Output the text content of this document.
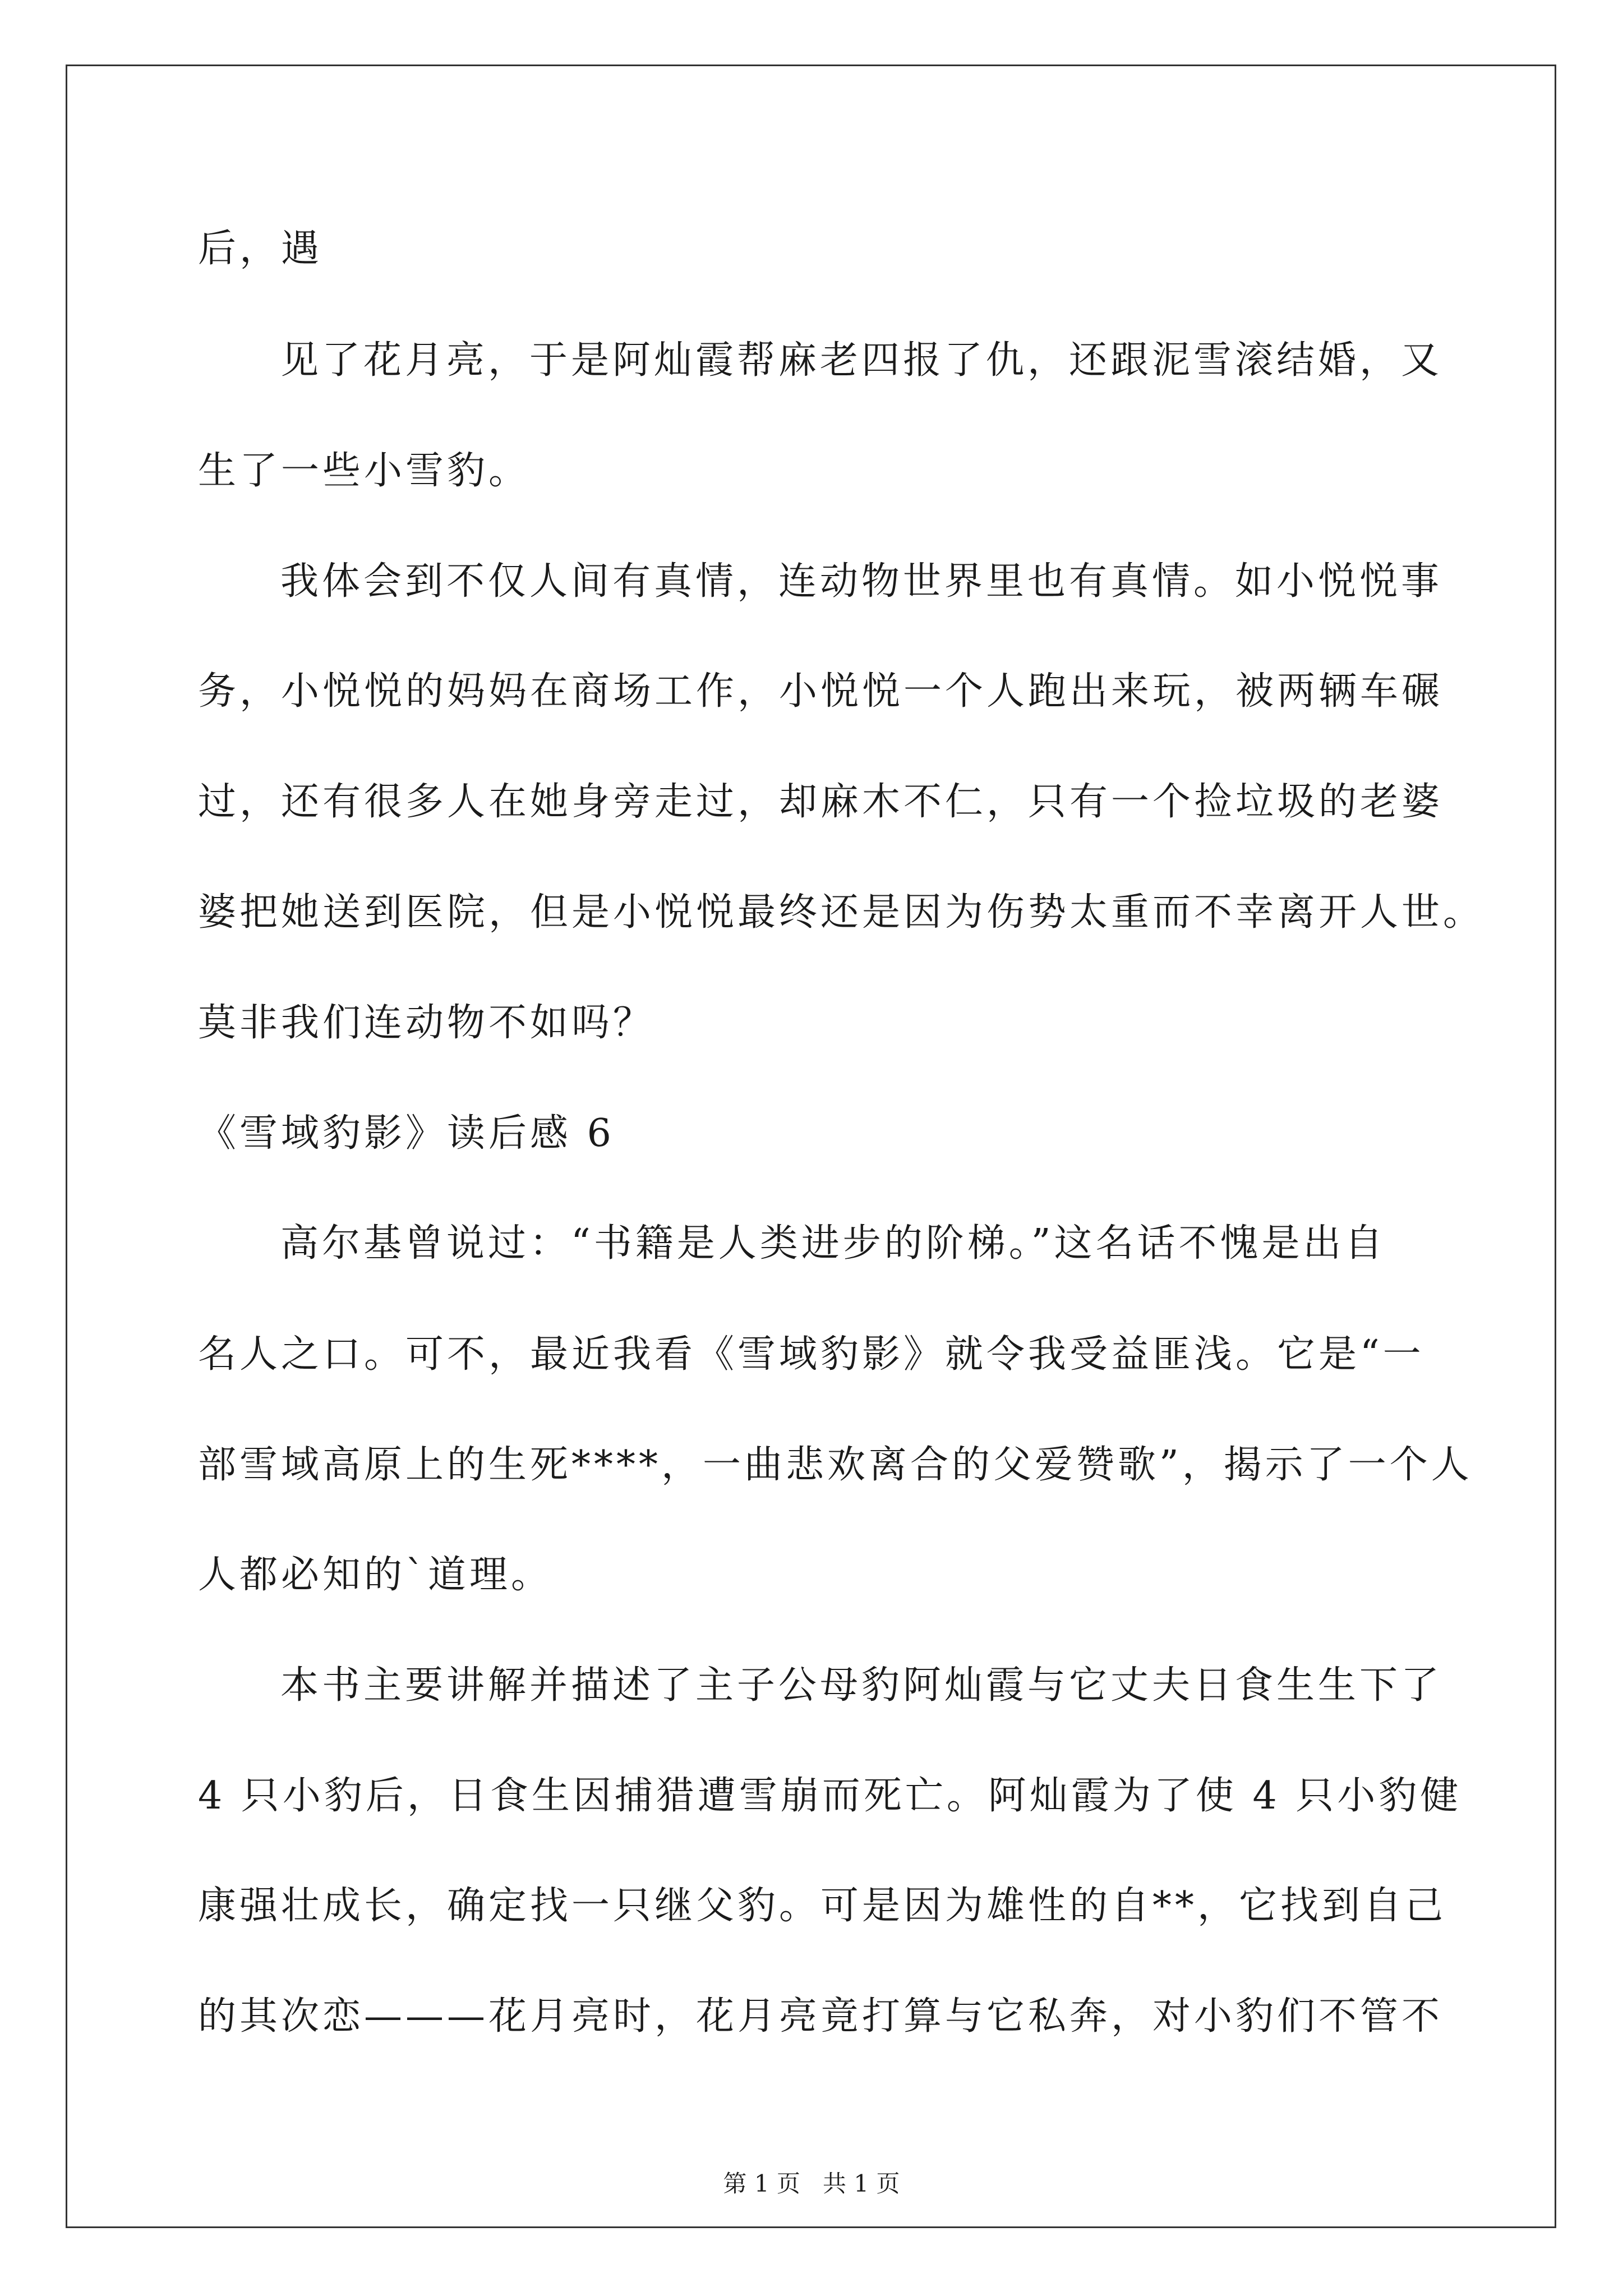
后，遇
见了花月亮，于是阿灿霞帮麻老四报了仇，还跟泥雪滚结婚，又
生了一些小雪豹。
我体会到不仅人间有真情，连动物世界里也有真情。如小悦悦事
务，小悦悦的妈妈在商场工作，小悦悦一个人跑出来玩，被两辆车碾
过，还有很多人在她身旁走过，却麻木不仁，只有一个捡垃圾的老婆
婆把她送到医院，但是小悦悦最终还是因为伤势太重而不幸离开人世。
莫非我们连动物不如吗？
《雪域豹影》读后感 6
高尔基曾说过：“书籍是人类进步的阶梯。”这名话不愧是出自
名人之口。可不，最近我看《雪域豹影》就令我受益匪浅。它是“一
部雪域高原上的生死****，一曲悲欢离合的父爱赞歌”，揭示了一个人
人都必知的`道理。
本书主要讲解并描述了主子公母豹阿灿霞与它丈夫日食生生下了
4 只小豹后，日食生因捕猎遭雪崩而死亡。阿灿霞为了使 4 只小豹健
康强壮成长，确定找一只继父豹。可是因为雄性的自**，它找到自己
的其次恋———花月亮时，花月亮竟打算与它私奔，对小豹们不管不
第 1 页   共 1 页
